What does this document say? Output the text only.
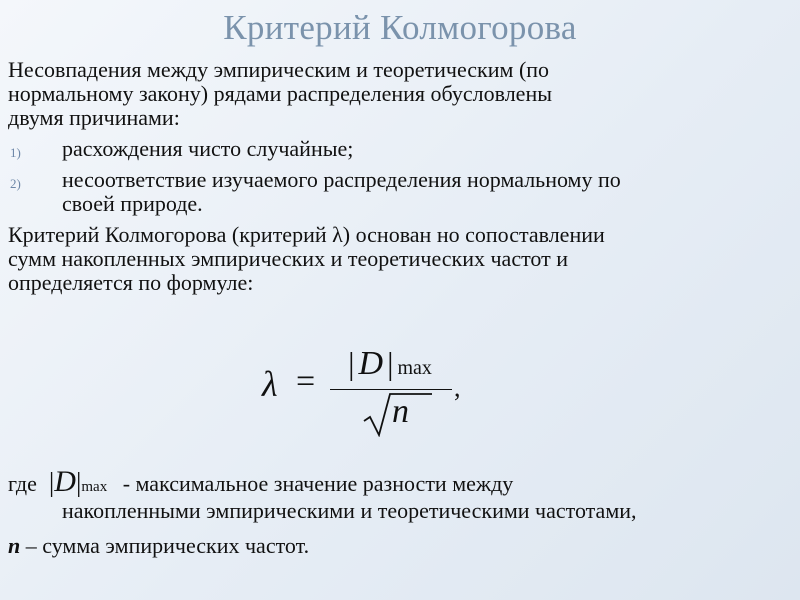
Критерий Колмогорова
Несовпадения между эмпирическим и теоретическим (по
нормальному закону) рядами распределения обусловлены
двумя причинами:
1) расхождения чисто случайные;
2) несоответствие изучаемого распределения нормальному по
своей природе.
Критерий Колмогорова (критерий λ) основан но сопоставлении
сумм накопленных эмпирических и теоретических частот и
определяется по формуле:
λ =	| D | max
n
,
где |D|max - максимальное значение разности между
накопленными эмпирическими и теоретическими частотами,
n – сумма эмпирических частот.
